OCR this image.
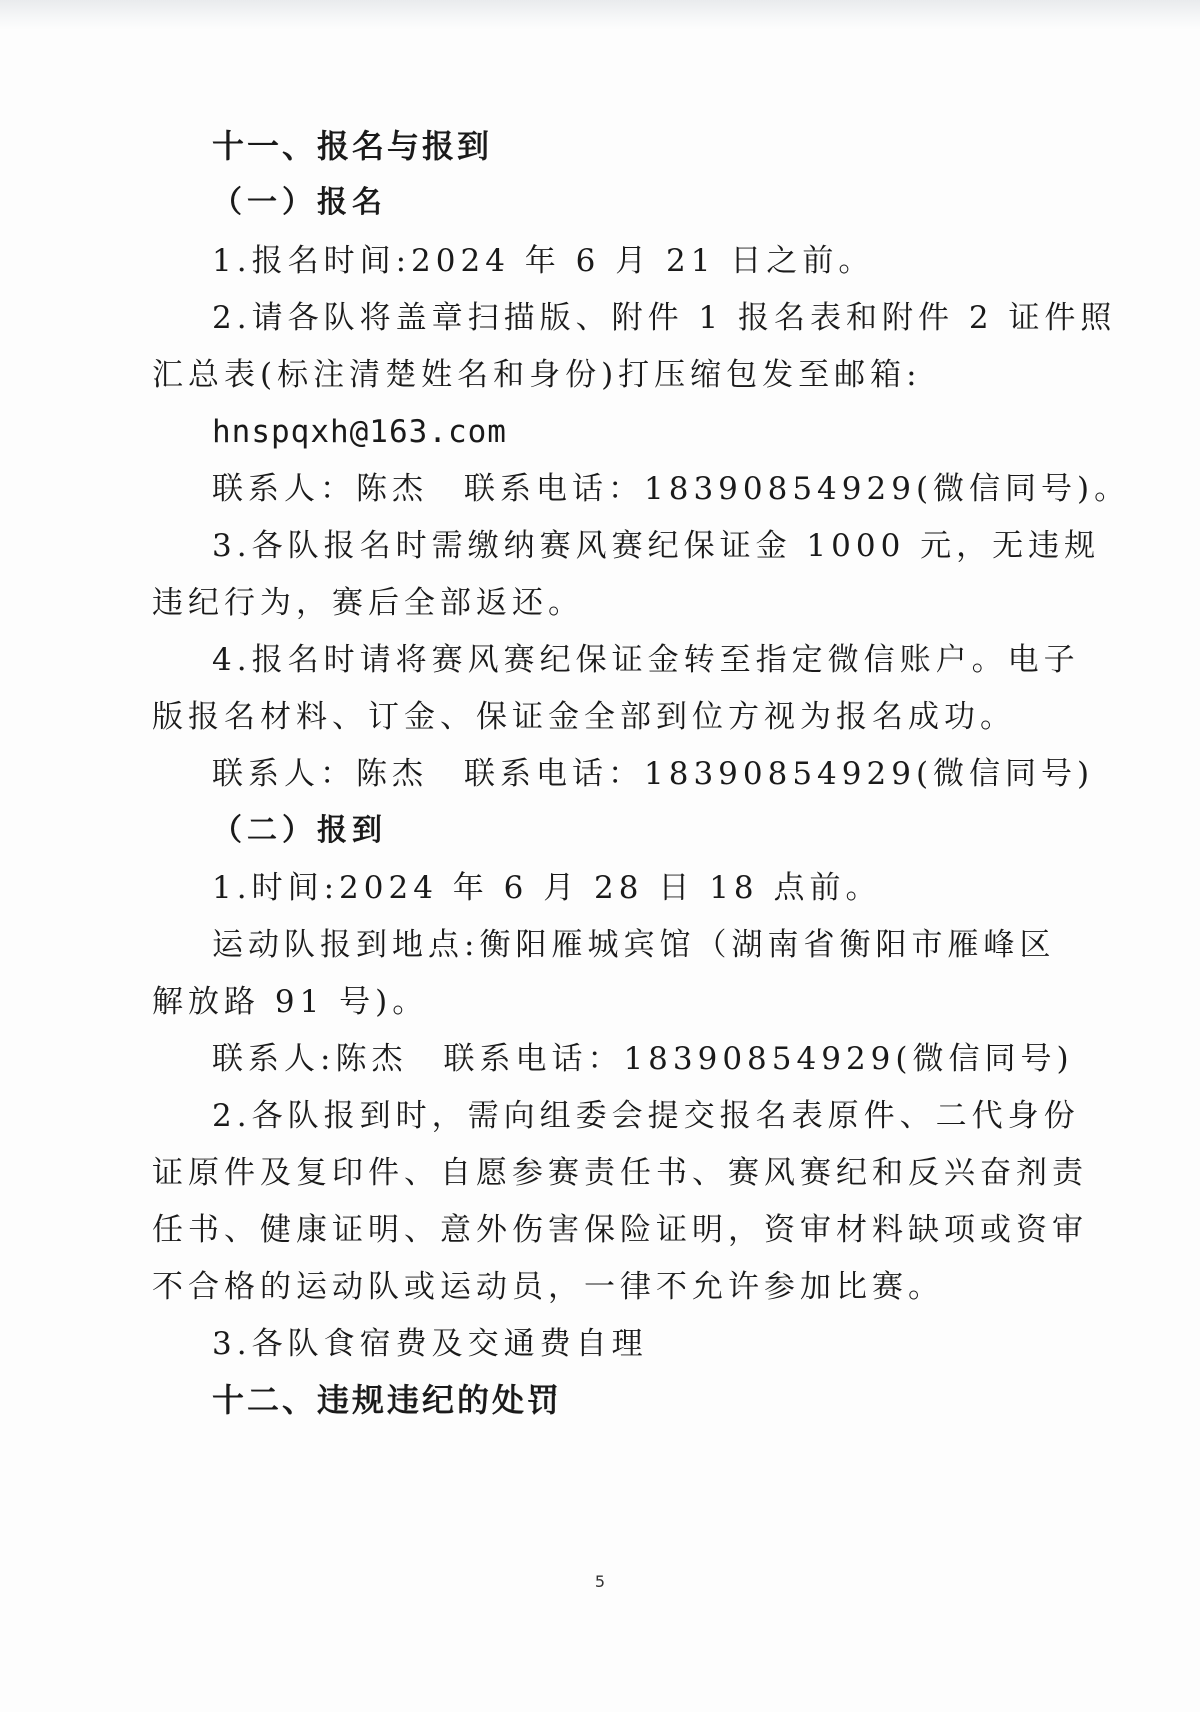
十一、报名与报到
（一）报名
1.报名时间:2024 年 6 月 21 日之前。
2.请各队将盖章扫描版、附件 1 报名表和附件 2 证件照
汇总表(标注清楚姓名和身份)打压缩包发至邮箱:
hnspqxh@163.com
联系人：陈杰　联系电话：18390854929(微信同号)。
3.各队报名时需缴纳赛风赛纪保证金 1000 元，无违规
违纪行为，赛后全部返还。
4.报名时请将赛风赛纪保证金转至指定微信账户。电子
版报名材料、订金、保证金全部到位方视为报名成功。
联系人：陈杰　联系电话：18390854929(微信同号)
（二）报到
1.时间:2024 年 6 月 28 日 18 点前。
运动队报到地点:衡阳雁城宾馆（湖南省衡阳市雁峰区
解放路 91 号)。
联系人:陈杰　联系电话：18390854929(微信同号)
2.各队报到时，需向组委会提交报名表原件、二代身份
证原件及复印件、自愿参赛责任书、赛风赛纪和反兴奋剂责
任书、健康证明、意外伤害保险证明，资审材料缺项或资审
不合格的运动队或运动员，一律不允许参加比赛。
3.各队食宿费及交通费自理
十二、违规违纪的处罚
5
